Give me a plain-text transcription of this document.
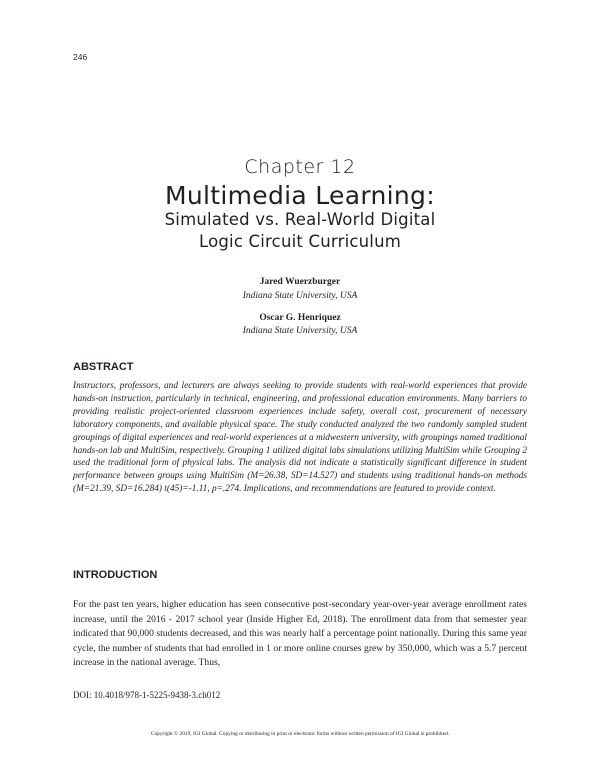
246
Chapter 12
Multimedia Learning:
Simulated vs. Real-World Digital
Logic Circuit Curriculum
Jared Wuerzburger
Indiana State University, USA
Oscar G. Henriquez
Indiana State University, USA
ABSTRACT
Instructors, professors, and lecturers are always seeking to provide students with real-world experiences that provide hands-on instruction, particularly in technical, engineering, and professional education environments. Many barriers to providing realistic project-oriented classroom experiences include safety, overall cost, procurement of necessary laboratory components, and available physical space. The study conducted analyzed the two randomly sampled student groupings of digital experiences and real-world experiences at a midwestern university, with groupings named traditional hands-on lab and MultiSim, respectively. Grouping 1 utilized digital labs simulations utilizing MultiSim while Grouping 2 used the traditional form of physical labs. The analysis did not indicate a statistically significant difference in student performance between groups using MultiSim (M=26.38, SD=14.527) and students using traditional hands-on methods (M=21.39, SD=16.284) t(45)=-1.11, p=.274. Implications, and recommendations are featured to provide context.
INTRODUCTION
For the past ten years, higher education has seen consecutive post-secondary year-over-year average enrollment rates increase, until the 2016 - 2017 school year (Inside Higher Ed, 2018). The enrollment data from that semester year indicated that 90,000 students decreased, and this was nearly half a percentage point nationally. During this same year cycle, the number of students that had enrolled in 1 or more online courses grew by 350,000, which was a 5.7 percent increase in the national average. Thus,
DOI: 10.4018/978-1-5225-9438-3.ch012
Copyright © 2019, IGI Global. Copying or distributing in print or electronic forms without written permission of IGI Global is prohibited.
